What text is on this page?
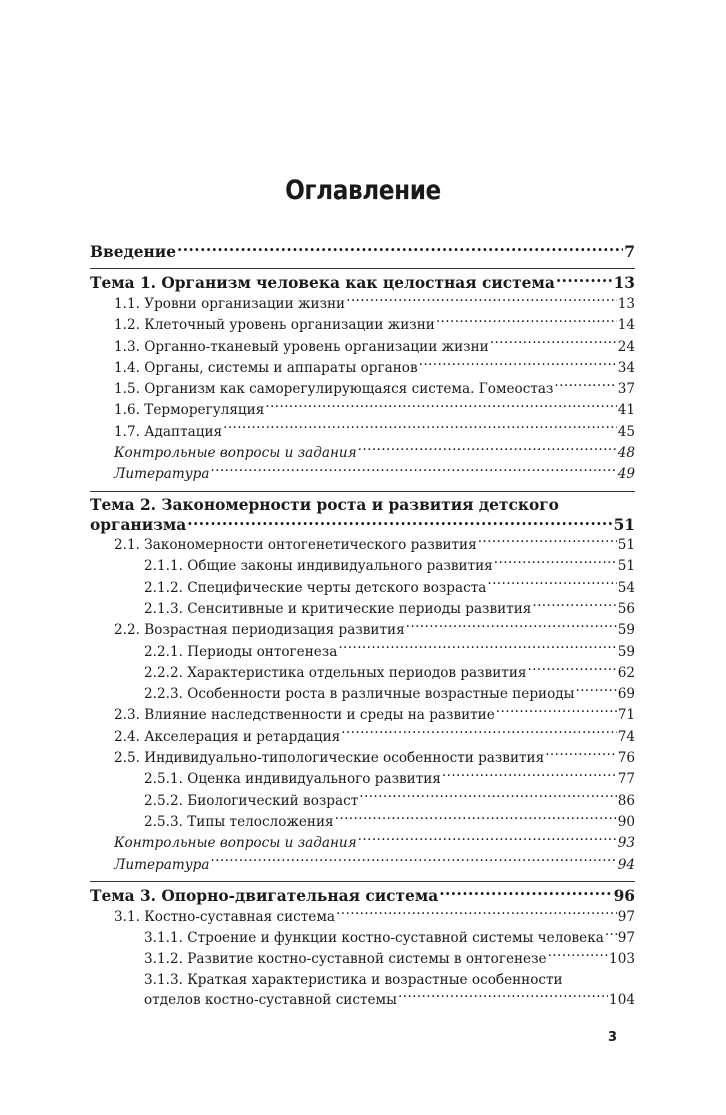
Оглавление
Введение .....	7
Тема 1. Организм человека как целостная система .....	13
1.1. Уровни организации жизни .....	13
1.2. Клеточный уровень организации жизни .....	14
1.3. Органно-тканевый уровень организации жизни .....	24
1.4. Органы, системы и аппараты органов .....	34
1.5. Организм как саморегулирующаяся система. Гомеостаз .....	37
1.6. Терморегуляция .....	41
1.7. Адаптация .....	45
Контрольные вопросы и задания .....	48
Литература .....	49
Тема 2. Закономерности роста и развития детского
организма .....	51
2.1. Закономерности онтогенетического развития .....	51
2.1.1. Общие законы индивидуального развития .....	51
2.1.2. Специфические черты детского возраста .....	54
2.1.3. Сенситивные и критические периоды развития .....	56
2.2. Возрастная периодизация развития .....	59
2.2.1. Периоды онтогенеза .....	59
2.2.2. Характеристика отдельных периодов развития .....	62
2.2.3. Особенности роста в различные возрастные периоды .....	69
2.3. Влияние наследственности и среды на развитие .....	71
2.4. Акселерация и ретардация .....	74
2.5. Индивидуально-типологические особенности развития .....	76
2.5.1. Оценка индивидуального развития .....	77
2.5.2. Биологический возраст .....	86
2.5.3. Типы телосложения .....	90
Контрольные вопросы и задания .....	93
Литература .....	94
Тема 3. Опорно-двигательная система .....	96
3.1. Костно-суставная система .....	97
3.1.1. Строение и функции костно-суставной системы человека ..... 97
3.1.2. Развитие костно-суставной системы в онтогенезе .....	103
3.1.3. Краткая характеристика и возрастные особенности
отделов костно-суставной системы .....	104
3
